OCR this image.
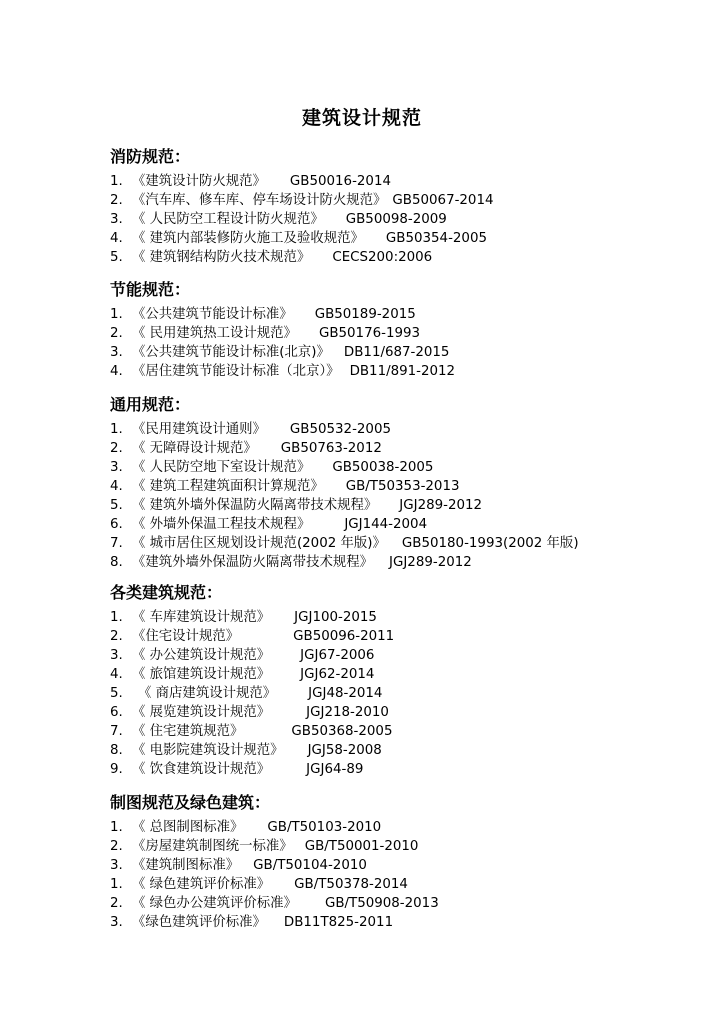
建筑设计规范
消防规范：
1. 《建筑设计防火规范》 GB50016-2014
2. 《汽车库、修车库、停车场设计防火规范》 GB50067-2014
3. 《 人民防空工程设计防火规范》 GB50098-2009
4. 《 建筑内部装修防火施工及验收规范》 GB50354-2005
5. 《 建筑钢结构防火技术规范》 CECS200:2006
节能规范：
1. 《公共建筑节能设计标准》 GB50189-2015
2. 《 民用建筑热工设计规范》 GB50176-1993
3. 《公共建筑节能设计标准(北京)》 DB11/687-2015
4. 《居住建筑节能设计标准（北京）》 DB11/891-2012
通用规范：
1. 《民用建筑设计通则》 GB50532-2005
2. 《 无障碍设计规范》 GB50763-2012
3. 《 人民防空地下室设计规范》 GB50038-2005
4. 《 建筑工程建筑面积计算规范》 GB/T50353-2013
5. 《 建筑外墙外保温防火隔离带技术规程》 JGJ289-2012
6. 《 外墙外保温工程技术规程》	JGJ144-2004
7. 《 城市居住区规划设计规范(2002 年版)》 GB50180-1993(2002 年版)
8. 《建筑外墙外保温防火隔离带技术规程》 JGJ289-2012
各类建筑规范：
1. 《 车库建筑设计规范》 JGJ100-2015
2. 《住宅设计规范》	GB50096-2011
3. 《 办公建筑设计规范》 JGJ67-2006
4. 《 旅馆建筑设计规范》 JGJ62-2014
5. 《 商店建筑设计规范》 JGJ48-2014
6. 《 展览建筑设计规范》	JGJ218-2010
7. 《 住宅建筑规范》	GB50368-2005
8. 《 电影院建筑设计规范》 JGJ58-2008
9. 《 饮食建筑设计规范》	JGJ64-89
制图规范及绿色建筑：
1. 《 总图制图标准》 GB/T50103-2010
2. 《房屋建筑制图统一标准》 GB/T50001-2010
3. 《建筑制图标准》 GB/T50104-2010
1. 《 绿色建筑评价标准》 GB/T50378-2014
2. 《 绿色办公建筑评价标准》 GB/T50908-2013
3. 《绿色建筑评价标准》 DB11T825-2011
